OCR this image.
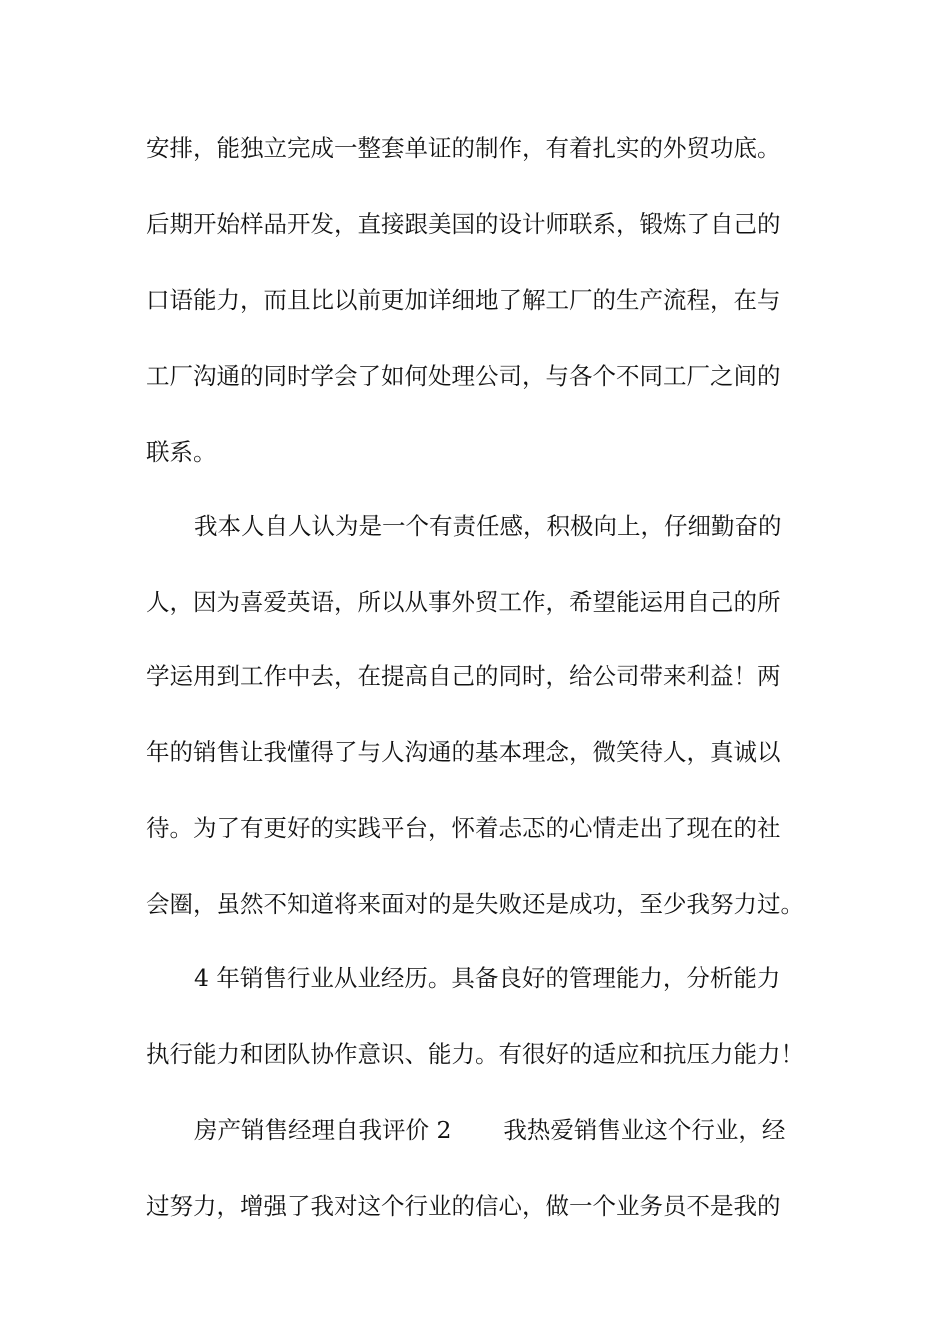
安排，能独立完成一整套单证的制作，有着扎实的外贸功底。
后期开始样品开发，直接跟美国的设计师联系，锻炼了自己的
口语能力，而且比以前更加详细地了解工厂的生产流程，在与
工厂沟通的同时学会了如何处理公司，与各个不同工厂之间的
联系。
我本人自人认为是一个有责任感，积极向上，仔细勤奋的
人，因为喜爱英语，所以从事外贸工作，希望能运用自己的所
学运用到工作中去，在提高自己的同时，给公司带来利益！两
年的销售让我懂得了与人沟通的基本理念，微笑待人，真诚以
待。为了有更好的实践平台，怀着忐忑的心情走出了现在的社
会圈，虽然不知道将来面对的是失败还是成功，至少我努力过。
4 年销售行业从业经历。具备良好的管理能力，分析能力
执行能力和团队协作意识、能力。有很好的适应和抗压力能力！
房产销售经理自我评价 2 我热爱销售业这个行业，经
过努力，增强了我对这个行业的信心，做一个业务员不是我的
